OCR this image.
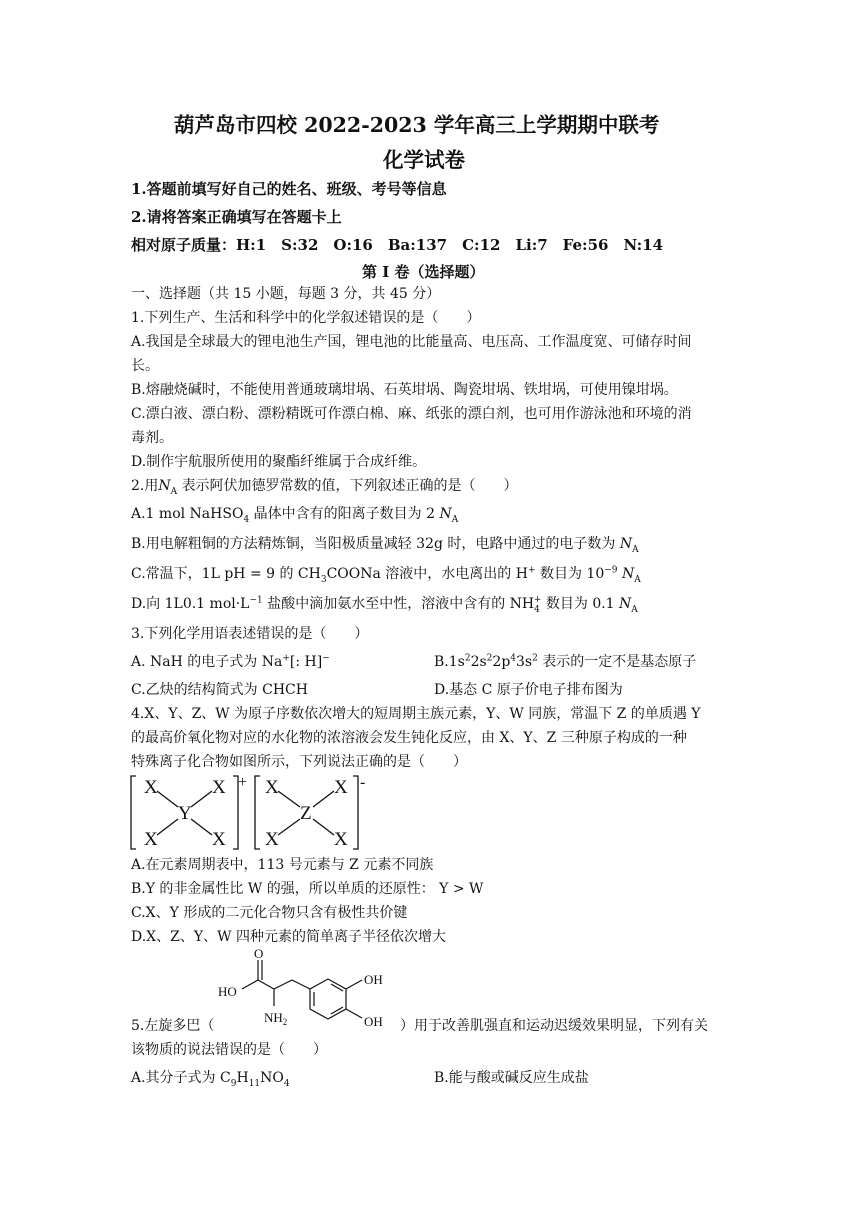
葫芦岛市四校 2022-2023 学年高三上学期期中联考
化学试卷
1.答题前填写好自己的姓名、班级、考号等信息
2.请将答案正确填写在答题卡上
相对原子质量：H:1　S:32　O:16　Ba:137　C:12　Li:7　Fe:56　N:14
第 I 卷（选择题）
一、选择题（共 15 小题，每题 3 分，共 45 分）
1.下列生产、生活和科学中的化学叙述错误的是（　　）
A.我国是全球最大的锂电池生产国，锂电池的比能量高、电压高、工作温度宽、可储存时间
长。
B.熔融烧碱时，不能使用普通玻璃坩埚、石英坩埚、陶瓷坩埚、铁坩埚，可使用镍坩埚。
C.漂白液、漂白粉、漂粉精既可作漂白棉、麻、纸张的漂白剂，也可用作游泳池和环境的消
毒剂。
D.制作宇航服所使用的聚酯纤维属于合成纤维。
2.用$N_A$ 表示阿伏加德罗常数的值，下列叙述正确的是（　　）
A.1 mol NaHSO$_4$ 晶体中含有的阳离子数目为 2 $N_A$
B.用电解粗铜的方法精炼铜，当阳极质量减轻 32g 时，电路中通过的电子数为 $N_A$
C.常温下，1L pH = 9 的 $CH_3COONa$ 溶液中，水电离出的 H+ 数目为 $10^{-9}$ $N_A$
D.向 1L0.1 $mol\cdot L^{-1}$ 盐酸中滴加氨水至中性，溶液中含有的 $NH_4^+$ 数目为 0.1 $N_A$
3.下列化学用语表述错误的是（　　）
A. NaH 的电子式为 Na+[: H]−	$B.1s^22s^22p^43s^2$ 表示的一定不是基态原子
C.乙炔的结构简式为 CHCH	D.基态 C 原子价电子排布图为
4.X、Y、Z、W 为原子序数依次增大的短周期主族元素，Y、W 同族，常温下 Z 的单质遇 Y
的最高价氧化物对应的水化物的浓溶液会发生钝化反应，由 X、Y、Z 三种原子构成的一种
特殊离子化合物如图所示，下列说法正确的是（　　）
X	X
Y
X	X
+ X	X
Z
X	X
-
A.在元素周期表中，113 号元素与 Z 元素不同族
B.Y 的非金属性比 W 的强，所以单质的还原性： Y > W
C.X、Y 形成的二元化合物只含有极性共价键
D.X、Z、Y、W 四种元素的简单离子半径依次增大
O
HO
$NH_2$
OH
OH
5.左旋多巴（	）用于改善肌强直和运动迟缓效果明显，下列有关
该物质的说法错误的是（　　）
A.其分子式为 $C_9H_{11}NO_4$	B.能与酸或碱反应生成盐
